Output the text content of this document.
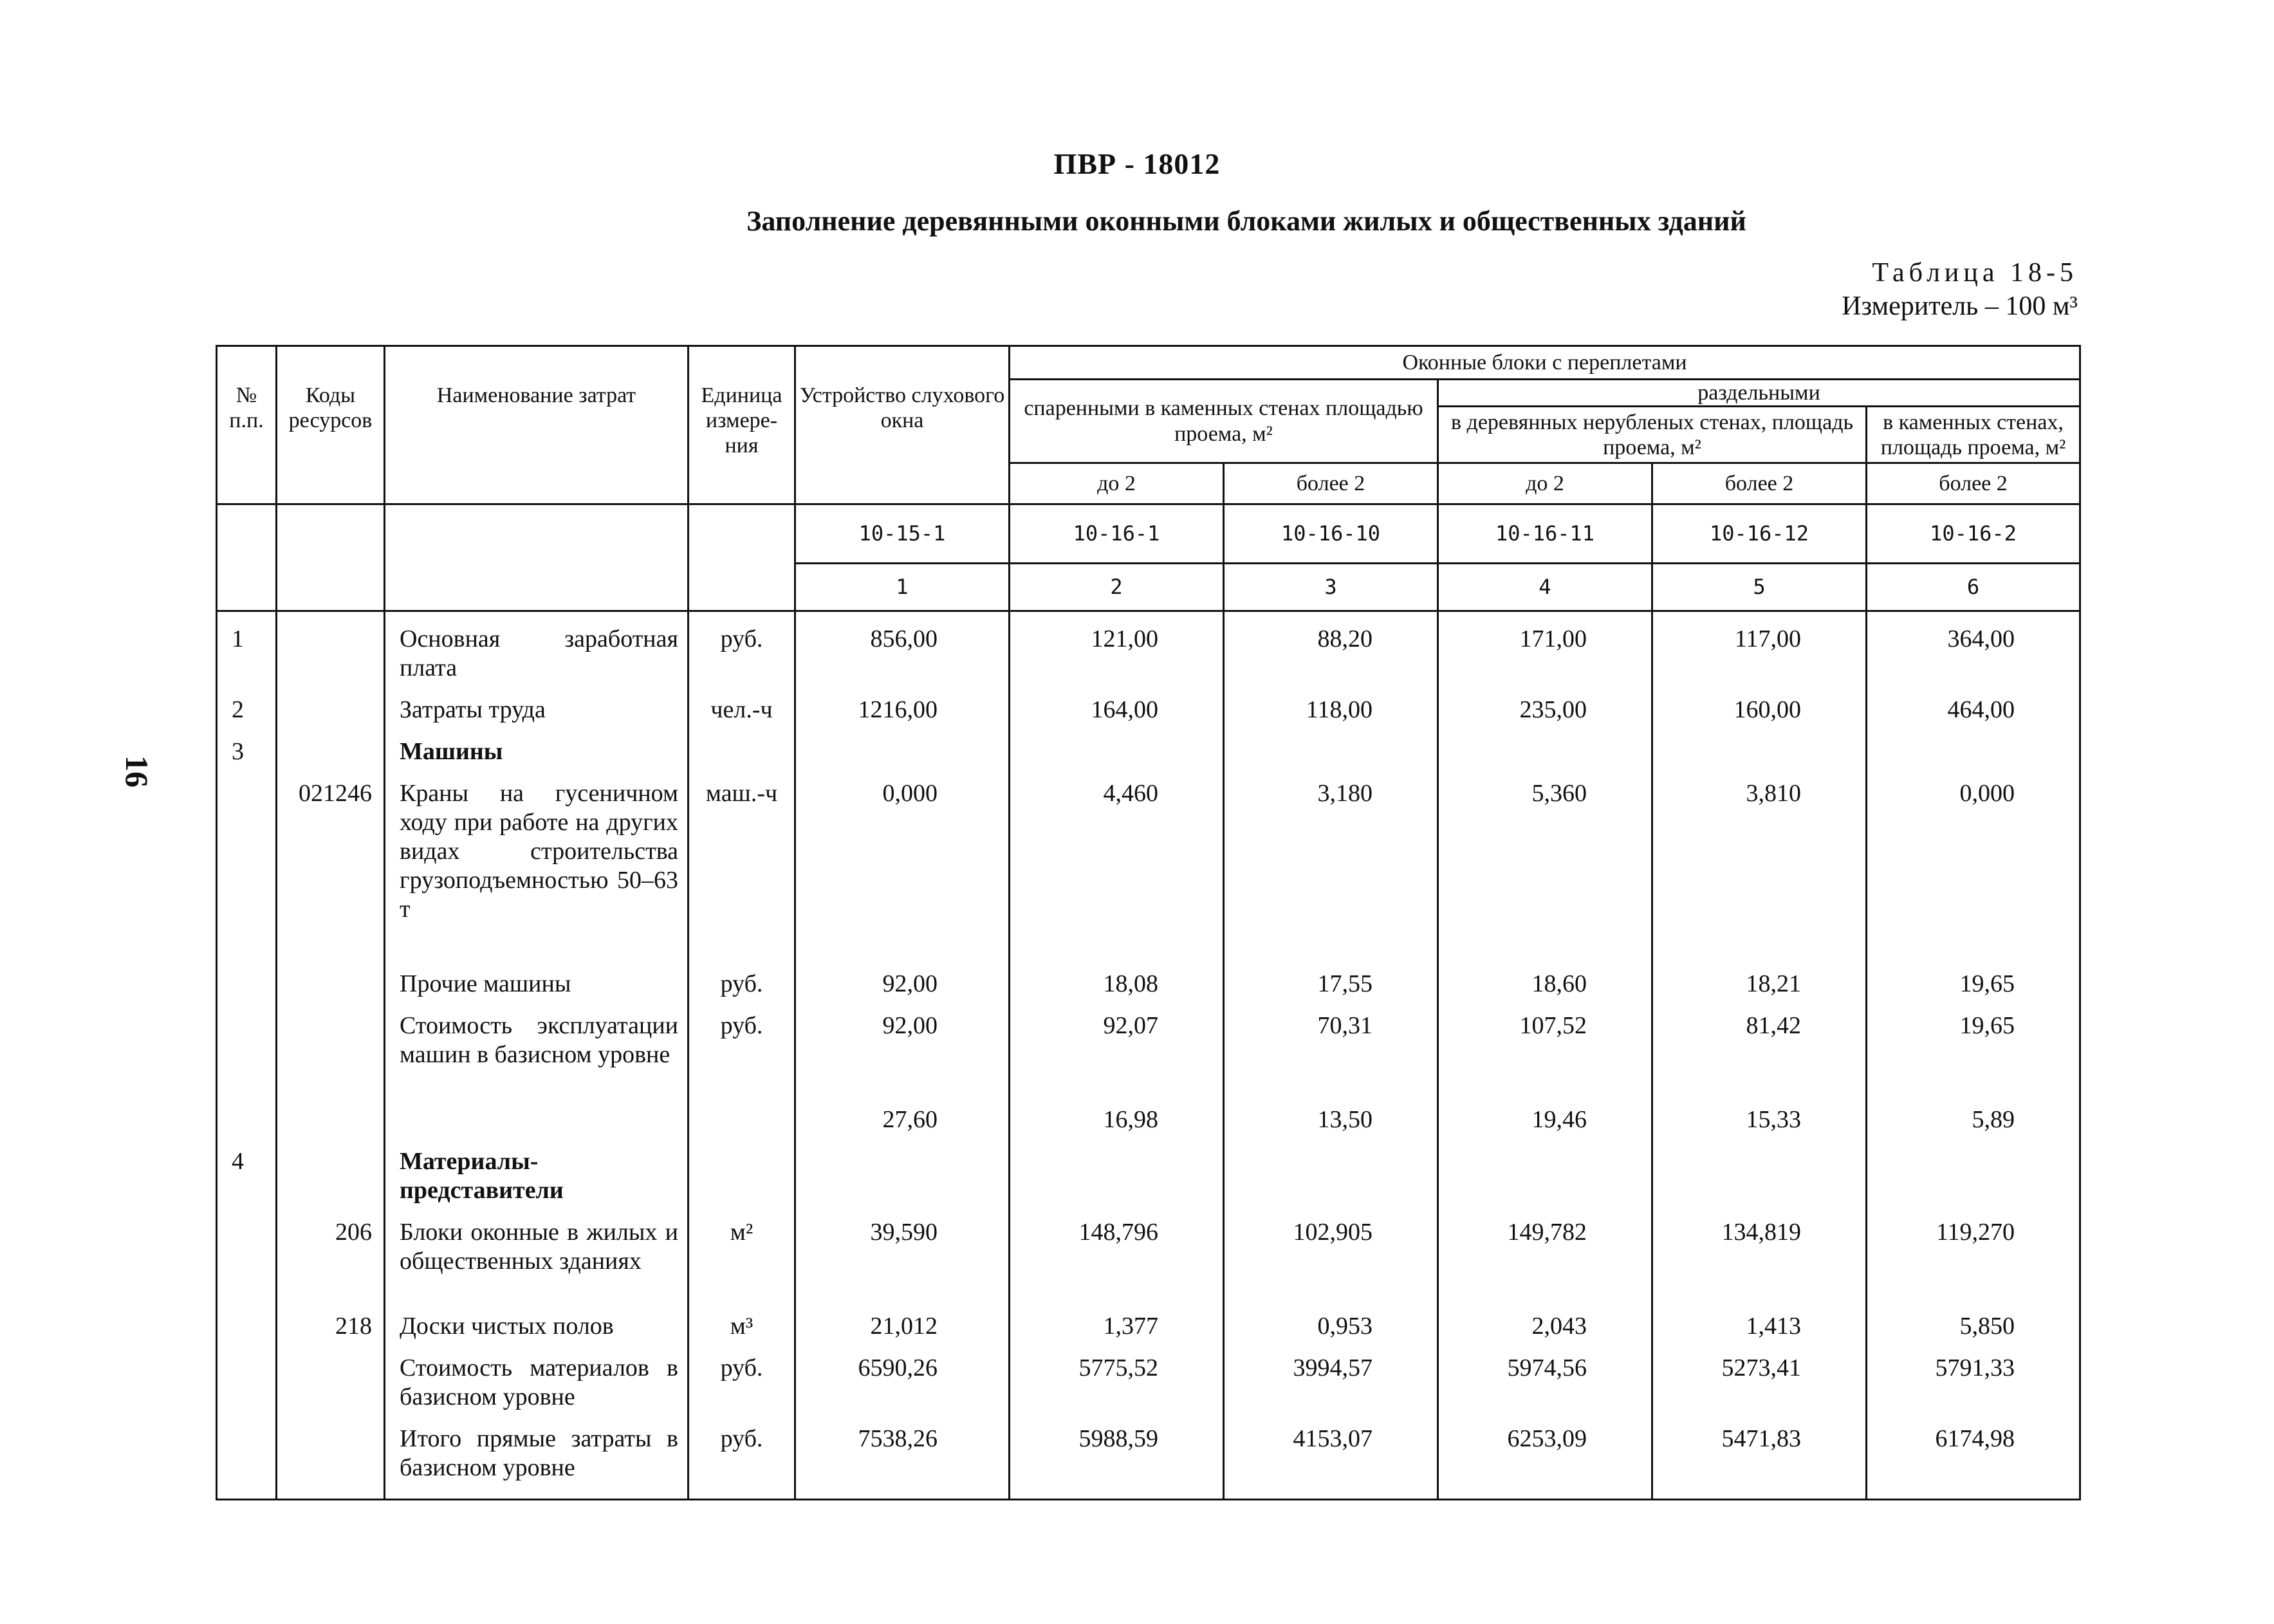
ПВР - 18012
Заполнение деревянными оконными блоками жилых и общественных зданий
Таблица 18-5
Измеритель – 100 м³
16
№ п.п.	Коды ресурсов	Наименование затрат	Единица измере- ния	Устройство слухового окна	Оконные блоки с переплетами				
					спаренными в каменных стенах площадью проема, м²		раздельными		
							в деревянных нерубленых стенах, площадь проема, м²		в каменных стенах, площадь проема, м²
					до 2	более 2	до 2	более 2	более 2
				10-15-1	10-16-1	10-16-10	10-16-11	10-16-12	10-16-2
				1	2	3	4	5	6
1		Основная заработная плата	руб.	856,00	121,00	88,20	171,00	117,00	364,00
2		Затраты труда	чел.-ч	1216,00	164,00	118,00	235,00	160,00	464,00
3		Машины							
	021246	Краны на гусеничном ходу при работе на других видах строительства грузоподъемностью 50–63 т	маш.-ч	0,000	4,460	3,180	5,360	3,810	0,000
		Прочие машины	руб.	92,00	18,08	17,55	18,60	18,21	19,65
		Стоимость эксплуатации машин в базисном уровне	руб.	92,00	92,07	70,31	107,52	81,42	19,65
				27,60	16,98	13,50	19,46	15,33	5,89
4		Материалы-представители							
	206	Блоки оконные в жилых и общественных зданиях	м²	39,590	148,796	102,905	149,782	134,819	119,270
	218	Доски чистых полов	м³	21,012	1,377	0,953	2,043	1,413	5,850
		Стоимость материалов в базисном уровне	руб.	6590,26	5775,52	3994,57	5974,56	5273,41	5791,33
		Итого прямые затраты в базисном уровне	руб.	7538,26	5988,59	4153,07	6253,09	5471,83	6174,98
